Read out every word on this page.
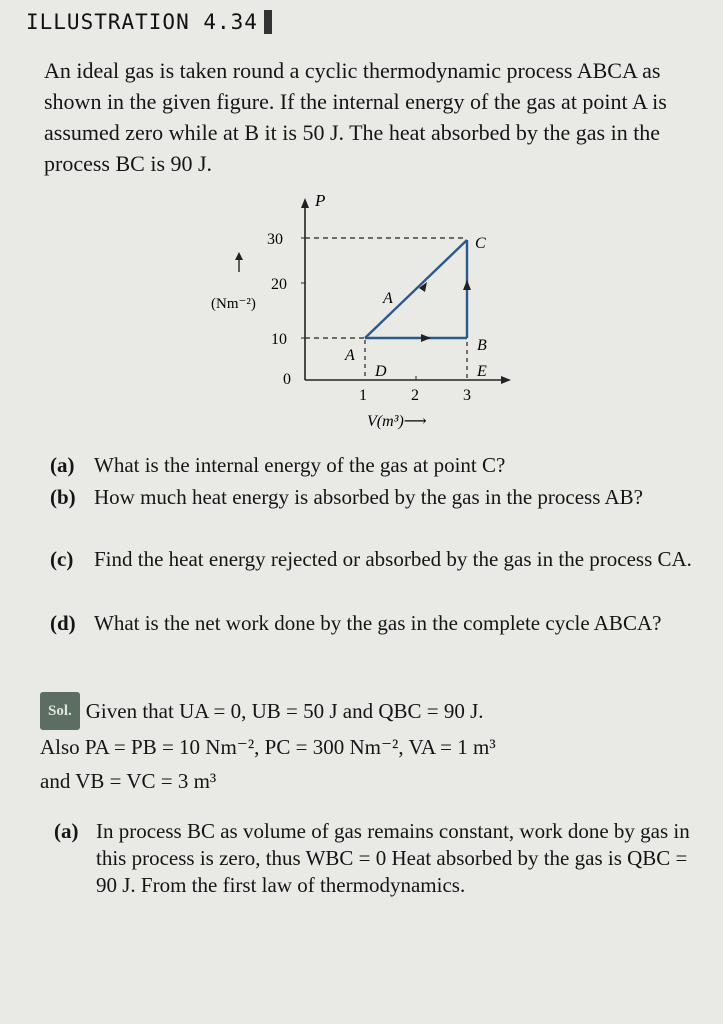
ILLUSTRATION 4.34

An ideal gas is taken round a cyclic thermodynamic process ABCA as shown in the given figure. If the internal energy of the gas at point A is assumed zero while at B it is 50 J. The heat absorbed by the gas in the process BC is 90 J.

P
30
20
10
0
(Nm⁻²)
C
B
A
D	E
A
1	2	3
V(m³)⟶
(a) What is the internal energy of the gas at point C?
(b) How much heat energy is absorbed by the gas in the process AB?
(c) Find the heat energy rejected or absorbed by the gas in the process CA.
(d) What is the net work done by the gas in the complete cycle ABCA?

Sol. Given that UA = 0, UB = 50 J and QBC = 90 J.

Also PA = PB = 10 Nm⁻², PC = 300 Nm⁻², VA = 1 m³

and VB = VC = 3 m³

(a) In process BC as volume of gas remains constant, work done by gas in this process is zero, thus WBC = 0 Heat absorbed by the gas is QBC = 90 J. From the first law of thermodynamics.
